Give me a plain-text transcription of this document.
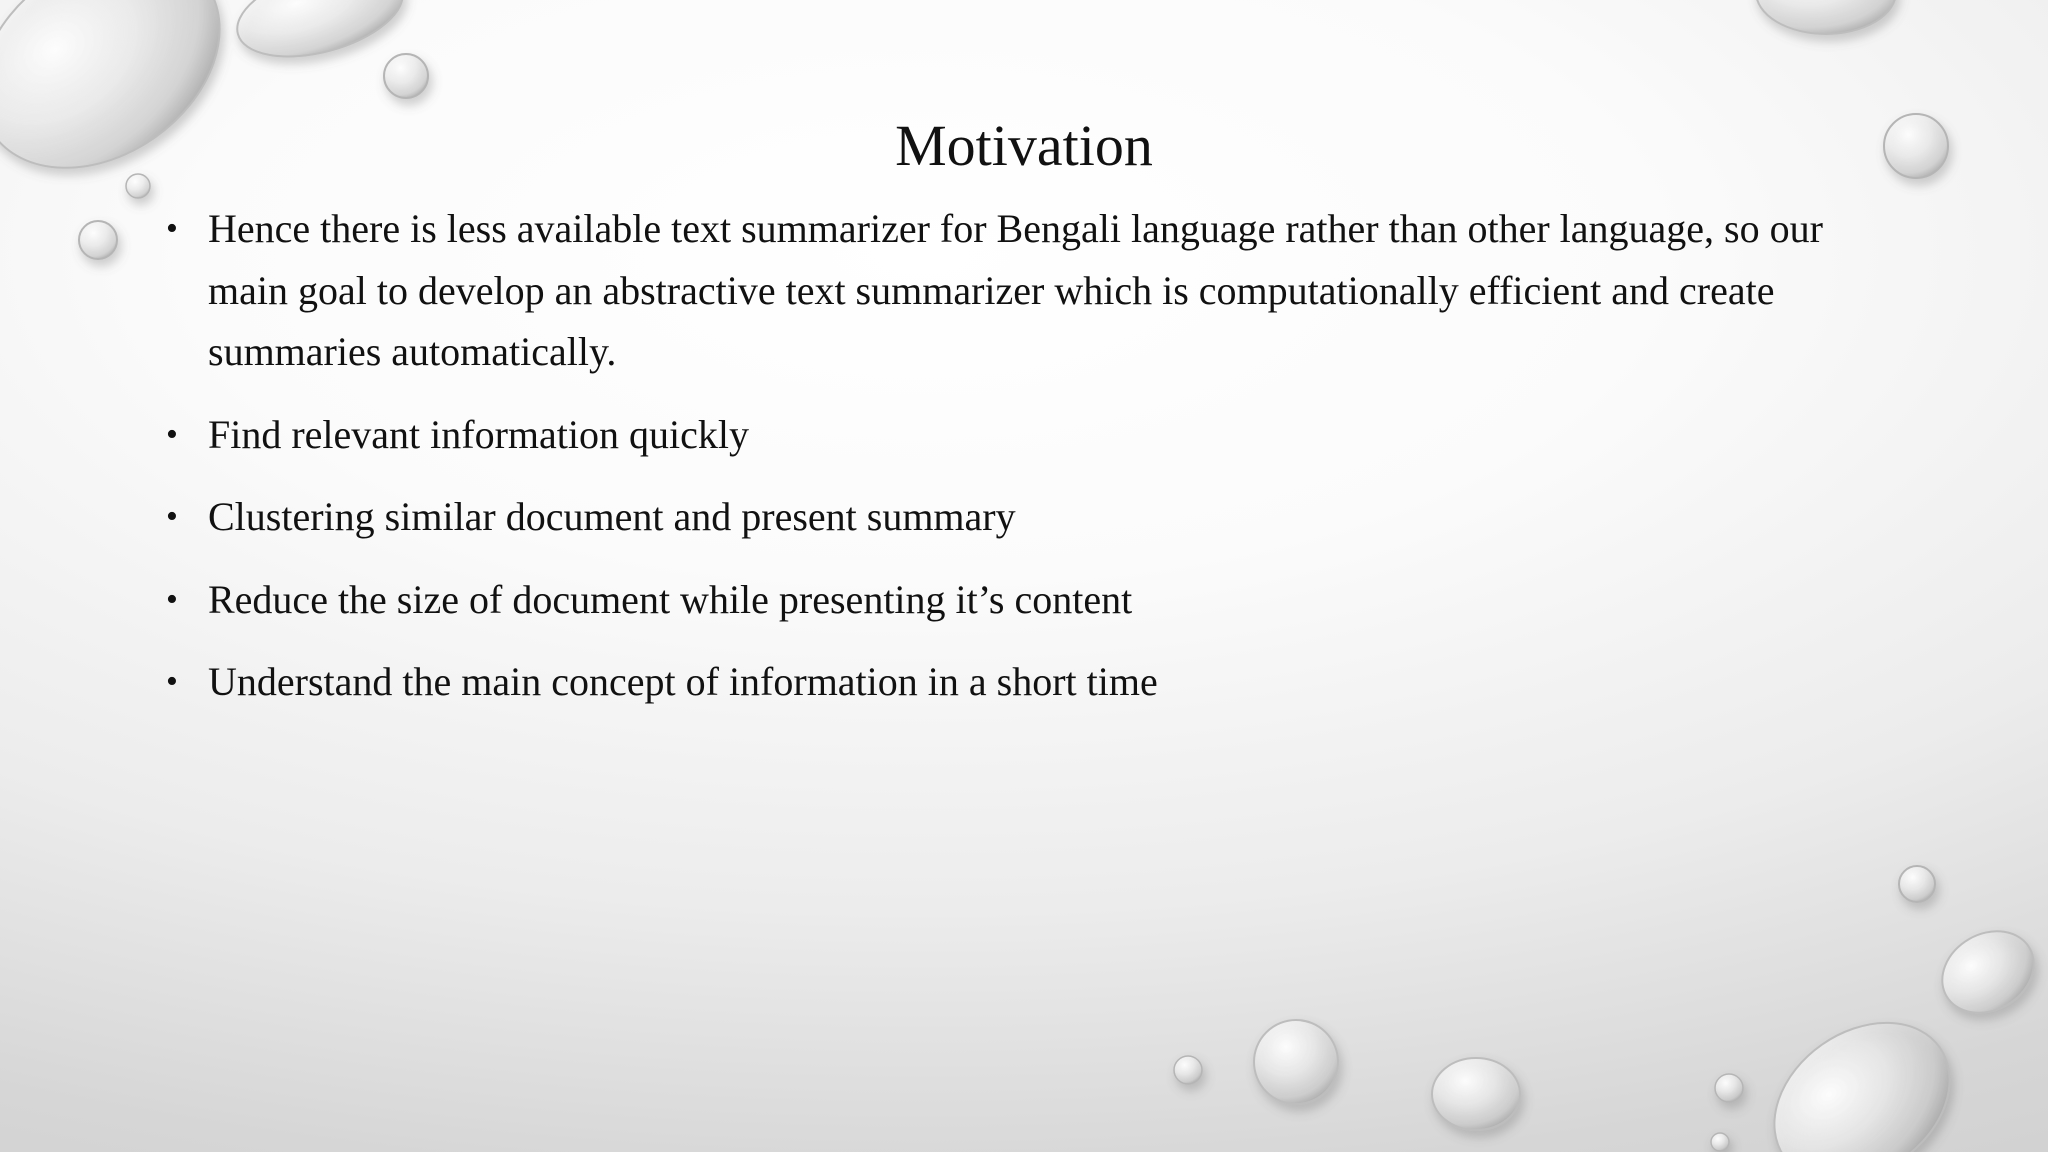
Motivation
• Hence there is less available text summarizer for Bengali language rather than other language, so our main goal to develop an abstractive text summarizer which is computationally efficient and create summaries automatically.
• Find relevant information quickly
• Clustering similar document and present summary
• Reduce the size of document while presenting it’s content
• Understand the main concept of information in a short time
